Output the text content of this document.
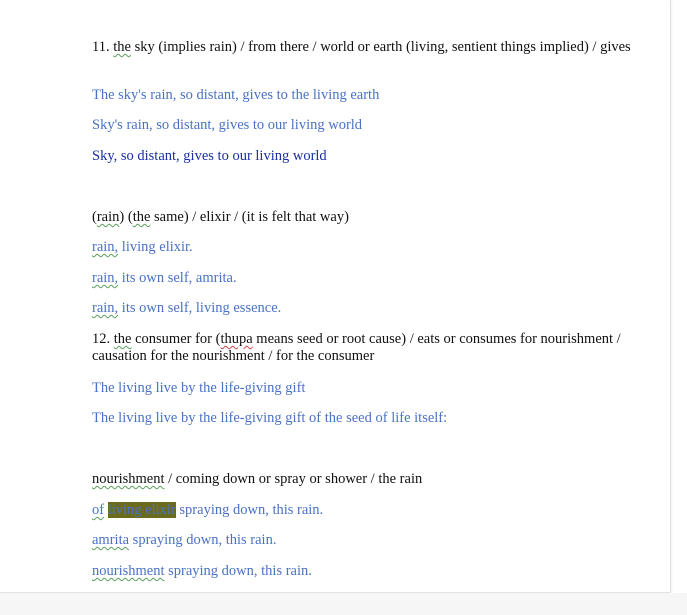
11. the sky (implies rain) / from there / world or earth (living, sentient things implied) / gives
The sky's rain, so distant, gives to the living earth
Sky's rain, so distant, gives to our living world
Sky, so distant, gives to our living world
(rain) (the same) / elixir / (it is felt that way)
rain, living elixir.
rain, its own self, amrita.
rain, its own self, living essence.
12. the consumer for (thupa means seed or root cause) / eats or consumes for nourishment / causation for the nourishment / for the consumer
The living live by the life-giving gift
The living live by the life-giving gift of the seed of life itself:
nourishment / coming down or spray or shower / the rain
of living elixir spraying down, this rain.
amrita spraying down, this rain.
nourishment spraying down, this rain.
